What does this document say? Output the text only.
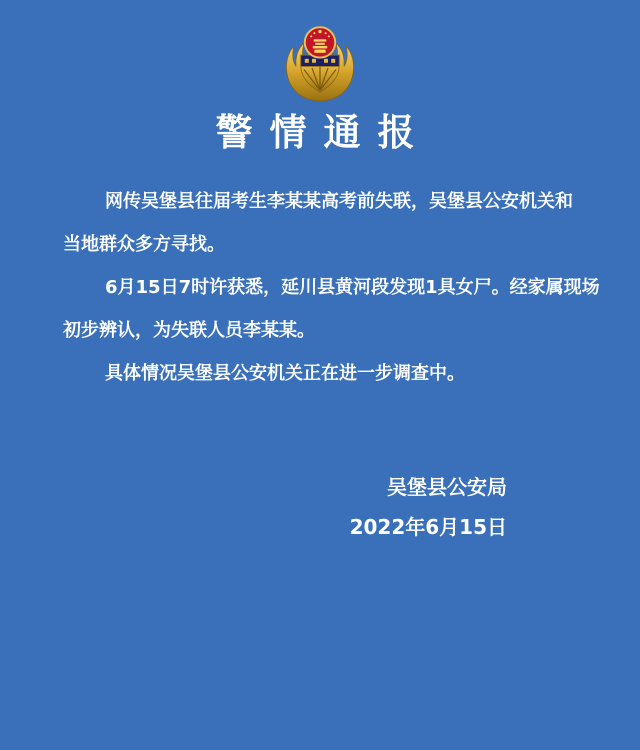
警情通报
网传吴堡县往届考生李某某高考前失联，吴堡县公安机关和
当地群众多方寻找。
6月15日7时许获悉，延川县黄河段发现1具女尸。经家属现场
初步辨认，为失联人员李某某。
具体情况吴堡县公安机关正在进一步调查中。
吴堡县公安局
2022年6月15日
